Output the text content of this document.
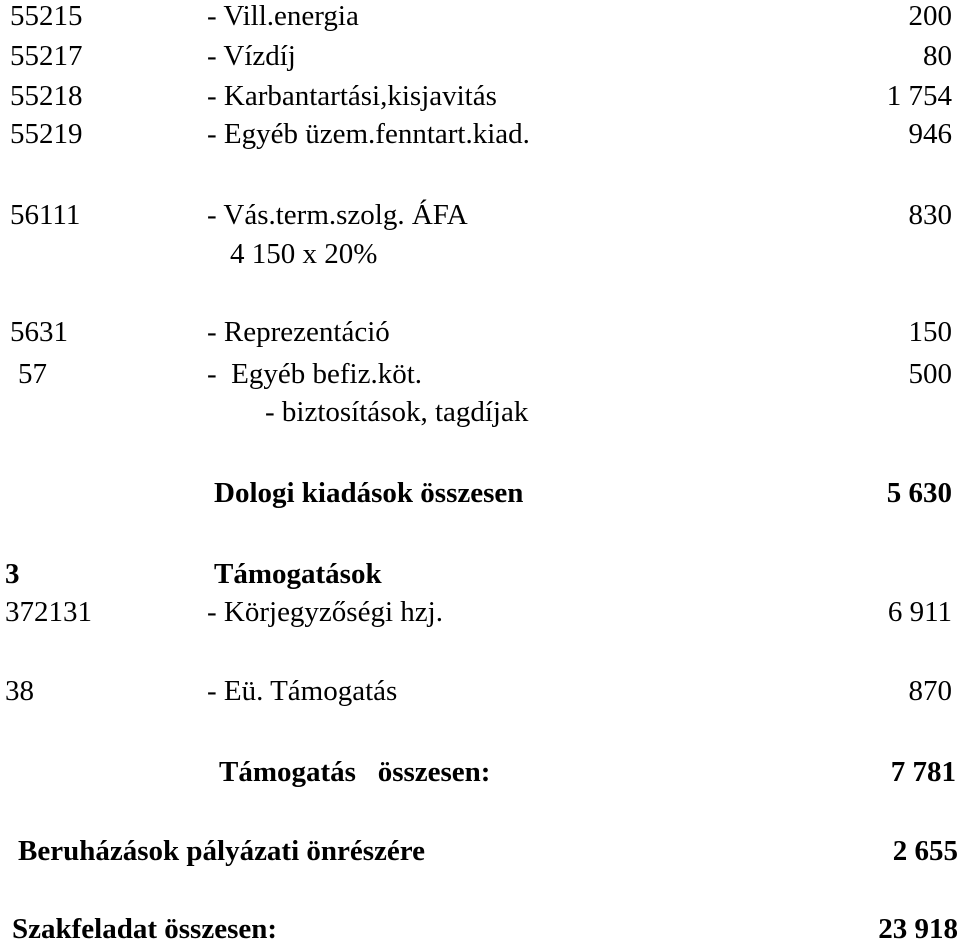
55215	- Vill.energia	200
55217	- Vízdíj	80
55218	- Karbantartási,kisjavitás	1 754
55219	- Egyéb üzem.fenntart.kiad.	946
56111	- Vás.term.szolg. ÁFA	830
4 150 x 20%
5631	- Reprezentáció	150
57	-  Egyéb befiz.köt.	500
- biztosítások, tagdíjak
Dologi kiadások összesen	5 630
3	Támogatások
372131	- Körjegyzőségi hzj.	6 911
38	- Eü. Támogatás	870
Támogatás   összesen:	7 781
Beruházások pályázati önrészére	2 655
Szakfeladat összesen:	23 918
